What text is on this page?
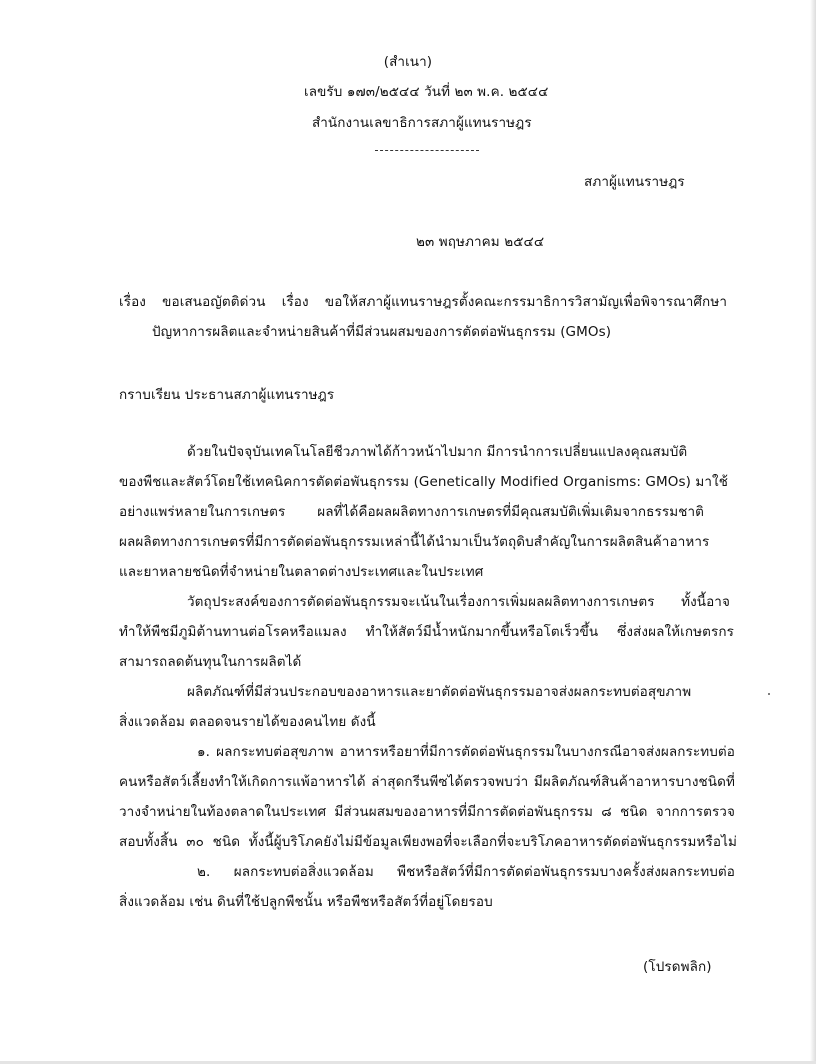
(สำเนา)
เลขรับ ๑๗๓/๒๕๔๔ วันที่ ๒๓ พ.ค. ๒๕๔๔
สำนักงานเลขาธิการสภาผู้แทนราษฎร
สภาผู้แทนราษฎร
๒๓ พฤษภาคม ๒๕๔๔
เรื่อง ขอเสนอญัตติด่วน เรื่อง ขอให้สภาผู้แทนราษฎรตั้งคณะกรรมาธิการวิสามัญเพื่อพิจารณาศึกษา
ปัญหาการผลิตและจำหน่ายสินค้าที่มีส่วนผสมของการตัดต่อพันธุกรรม (GMOs)
กราบเรียน ประธานสภาผู้แทนราษฎร
ด้วยในปัจจุบันเทคโนโลยีชีวภาพได้ก้าวหน้าไปมาก มีการนำการเปลี่ยนแปลงคุณสมบัติ
ของพืชและสัตว์โดยใช้เทคนิคการตัดต่อพันธุกรรม (Genetically Modified Organisms: GMOs) มาใช้
อย่างแพร่หลายในการเกษตร ผลที่ได้คือผลผลิตทางการเกษตรที่มีคุณสมบัติเพิ่มเติมจากธรรมชาติ
ผลผลิตทางการเกษตรที่มีการตัดต่อพันธุกรรมเหล่านี้ได้นำมาเป็นวัตถุดิบสำคัญในการผลิตสินค้าอาหาร
และยาหลายชนิดที่จำหน่ายในตลาดต่างประเทศและในประเทศ
วัตถุประสงค์ของการตัดต่อพันธุกรรมจะเน้นในเรื่องการเพิ่มผลผลิตทางการเกษตร ทั้งนี้อาจ
ทำให้พืชมีภูมิต้านทานต่อโรคหรือแมลง ทำให้สัตว์มีน้ำหนักมากขึ้นหรือโตเร็วขึ้น ซึ่งส่งผลให้เกษตรกร
สามารถลดต้นทุนในการผลิตได้
ผลิตภัณฑ์ที่มีส่วนประกอบของอาหารและยาตัดต่อพันธุกรรมอาจส่งผลกระทบต่อสุขภาพ
สิ่งแวดล้อม ตลอดจนรายได้ของคนไทย ดังนี้
๑. ผลกระทบต่อสุขภาพ อาหารหรือยาที่มีการตัดต่อพันธุกรรมในบางกรณีอาจส่งผลกระทบต่อ
คนหรือสัตว์เลี้ยงทำให้เกิดการแพ้อาหารได้ ล่าสุดกรีนพีซได้ตรวจพบว่า มีผลิตภัณฑ์สินค้าอาหารบางชนิดที่
วางจำหน่ายในท้องตลาดในประเทศ มีส่วนผสมของอาหารที่มีการตัดต่อพันธุกรรม ๘ ชนิด จากการตรวจ
สอบทั้งสิ้น ๓๐ ชนิด ทั้งนี้ผู้บริโภคยังไม่มีข้อมูลเพียงพอที่จะเลือกที่จะบริโภคอาหารตัดต่อพันธุกรรมหรือไม่
๒. ผลกระทบต่อสิ่งแวดล้อม พืชหรือสัตว์ที่มีการตัดต่อพันธุกรรมบางครั้งส่งผลกระทบต่อ
สิ่งแวดล้อม เช่น ดินที่ใช้ปลูกพืชนั้น หรือพืชหรือสัตว์ที่อยู่โดยรอบ
(โปรดพลิก)
